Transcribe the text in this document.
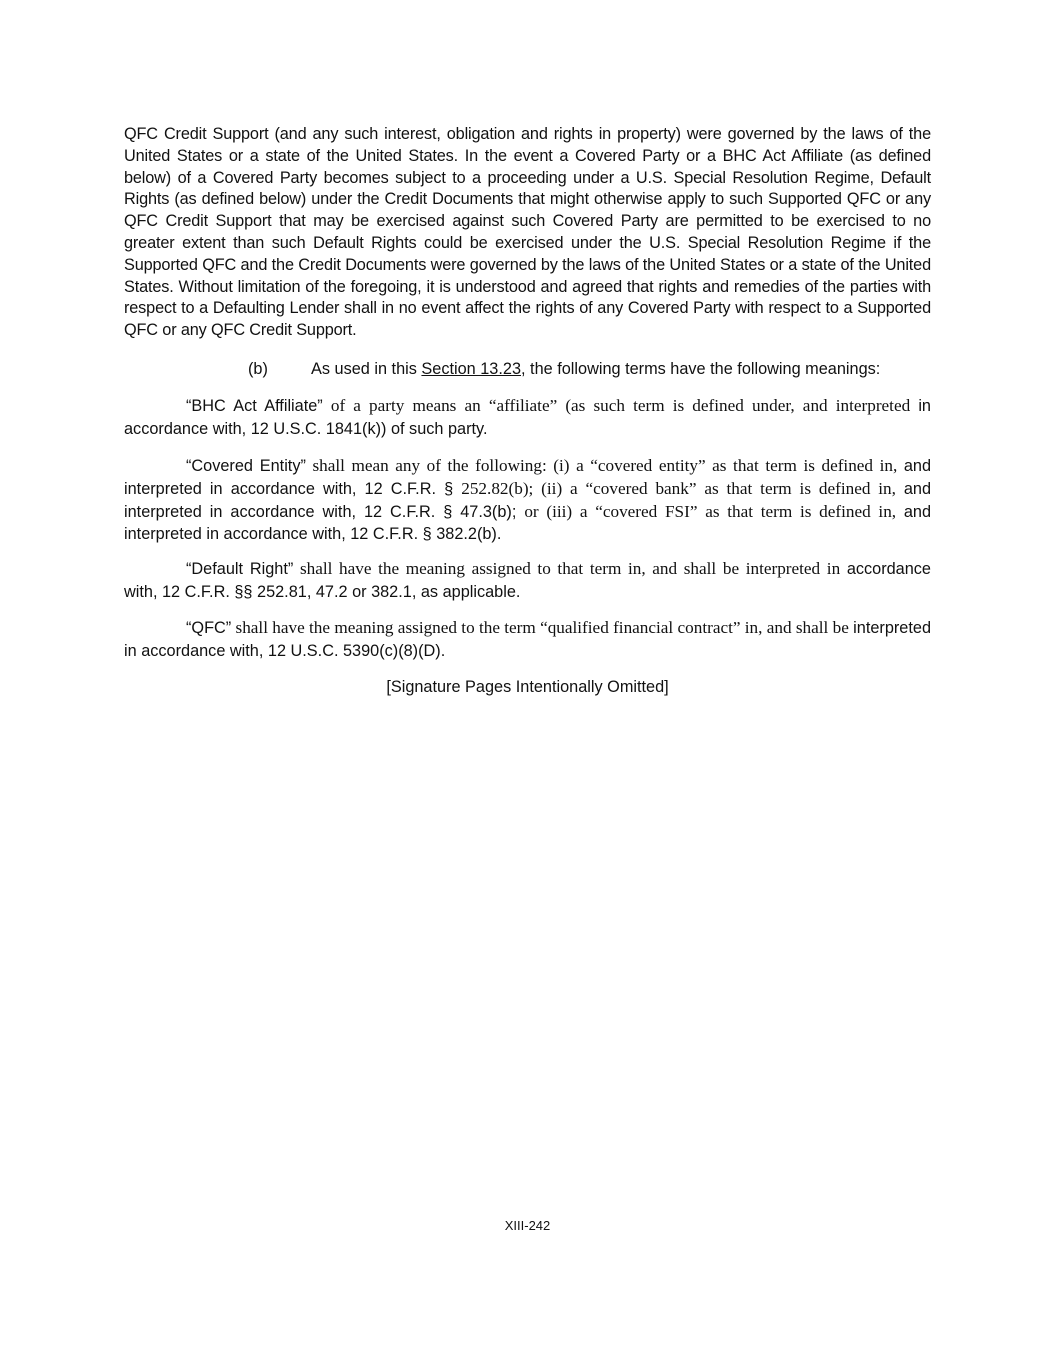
QFC Credit Support (and any such interest, obligation and rights in property) were governed by the laws of the United States or a state of the United States. In the event a Covered Party or a BHC Act Affiliate (as defined below) of a Covered Party becomes subject to a proceeding under a U.S. Special Resolution Regime, Default Rights (as defined below) under the Credit Documents that might otherwise apply to such Supported QFC or any QFC Credit Support that may be exercised against such Covered Party are permitted to be exercised to no greater extent than such Default Rights could be exercised under the U.S. Special Resolution Regime if the Supported QFC and the Credit Documents were governed by the laws of the United States or a state of the United States. Without limitation of the foregoing, it is understood and agreed that rights and remedies of the parties with respect to a Defaulting Lender shall in no event affect the rights of any Covered Party with respect to a Supported QFC or any QFC Credit Support.

(b)	As used in this Section 13.23, the following terms have the following meanings:

“BHC Act Affiliate” of a party means an “affiliate” (as such term is defined under, and interpreted in accordance with, 12 U.S.C. 1841(k)) of such party.

“Covered Entity” shall mean any of the following: (i) a “covered entity” as that term is defined in, and interpreted in accordance with, 12 C.F.R. § 252.82(b); (ii) a “covered bank” as that term is defined in, and interpreted in accordance with, 12 C.F.R. § 47.3(b); or (iii) a “covered FSI” as that term is defined in, and interpreted in accordance with, 12 C.F.R. § 382.2(b).

“Default Right” shall have the meaning assigned to that term in, and shall be interpreted in accordance with, 12 C.F.R. §§ 252.81, 47.2 or 382.1, as applicable.

“QFC” shall have the meaning assigned to the term “qualified financial contract” in, and shall be interpreted in accordance with, 12 U.S.C. 5390(c)(8)(D).

[Signature Pages Intentionally Omitted]

XIII-242
